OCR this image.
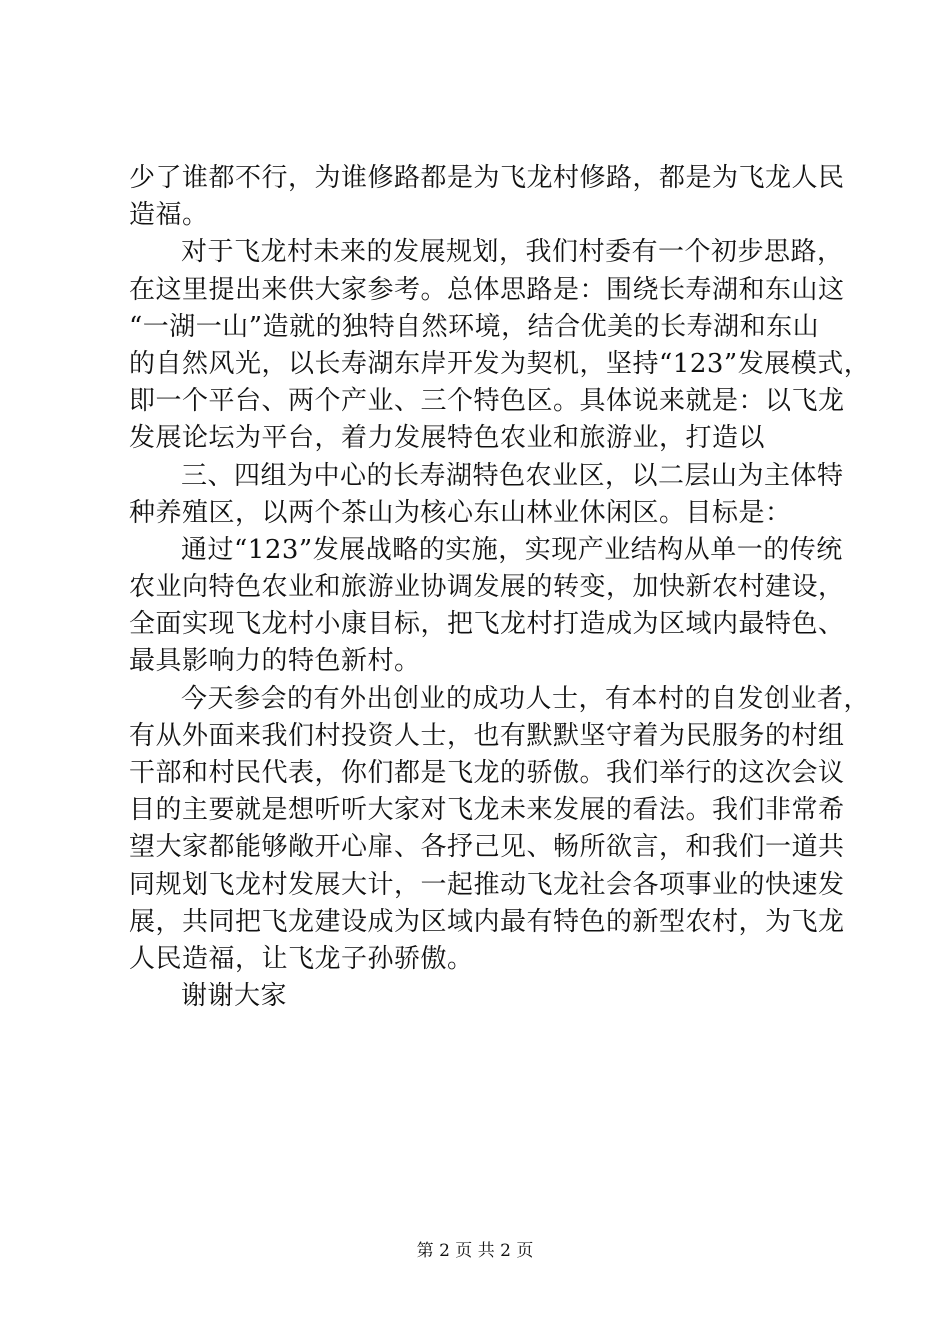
少了谁都不行，为谁修路都是为飞龙村修路，都是为飞龙人民
造福。
对于飞龙村未来的发展规划，我们村委有一个初步思路，
在这里提出来供大家参考。总体思路是：围绕长寿湖和东山这
“一湖一山”造就的独特自然环境，结合优美的长寿湖和东山
的自然风光，以长寿湖东岸开发为契机，坚持“123”发展模式，
即一个平台、两个产业、三个特色区。具体说来就是：以飞龙
发展论坛为平台，着力发展特色农业和旅游业，打造以
三、四组为中心的长寿湖特色农业区，以二层山为主体特
种养殖区，以两个茶山为核心东山林业休闲区。目标是：
通过“123”发展战略的实施，实现产业结构从单一的传统
农业向特色农业和旅游业协调发展的转变，加快新农村建设，
全面实现飞龙村小康目标，把飞龙村打造成为区域内最特色、
最具影响力的特色新村。
今天参会的有外出创业的成功人士，有本村的自发创业者，
有从外面来我们村投资人士，也有默默坚守着为民服务的村组
干部和村民代表，你们都是飞龙的骄傲。我们举行的这次会议
目的主要就是想听听大家对飞龙未来发展的看法。我们非常希
望大家都能够敞开心扉、各抒己见、畅所欲言，和我们一道共
同规划飞龙村发展大计，一起推动飞龙社会各项事业的快速发
展，共同把飞龙建设成为区域内最有特色的新型农村，为飞龙
人民造福，让飞龙子孙骄傲。
谢谢大家
第 2 页 共 2 页
